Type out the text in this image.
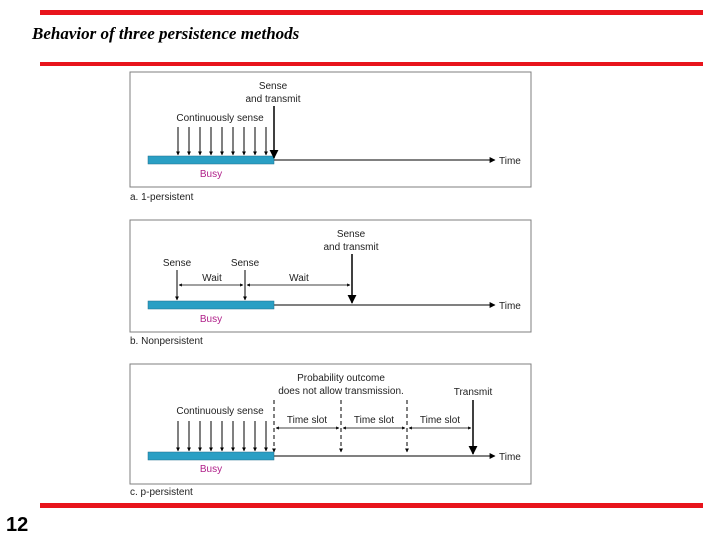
Behavior of three persistence methods
12
Sense
and transmit
Continuously sense
Busy
Time
a. 1-persistent
Sense	Sense
Wait	Wait
Sense
and transmit
Busy
Time
b. Nonpersistent
Probability outcome
does not allow transmission.	Transmit
Continuously sense
Time slot	Time slot	Time slot
Busy
Time
c. p-persistent
